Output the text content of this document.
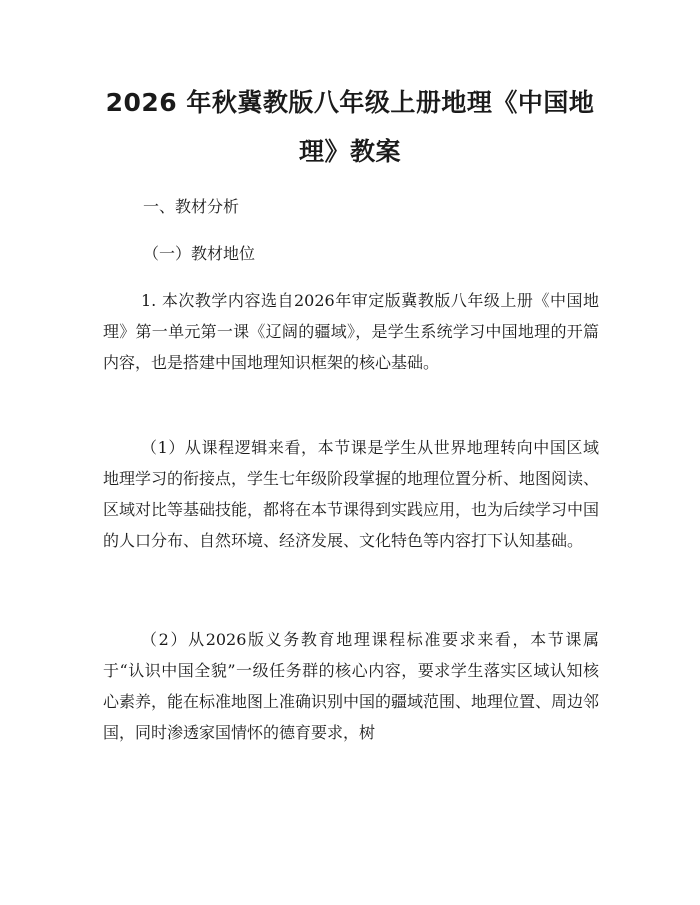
2026 年秋冀教版八年级上册地理《中国地
理》教案
一、教材分析
（一）教材地位

1. 本次教学内容选自2026年审定版冀教版八年级上册《中国地理》第一单元第一课《辽阔的疆域》，是学生系统学习中国地理的开篇内容，也是搭建中国地理知识框架的核心基础。

（1）从课程逻辑来看，本节课是学生从世界地理转向中国区域地理学习的衔接点，学生七年级阶段掌握的地理位置分析、地图阅读、区域对比等基础技能，都将在本节课得到实践应用，也为后续学习中国的人口分布、自然环境、经济发展、文化特色等内容打下认知基础。

（2）从2026版义务教育地理课程标准要求来看，本节课属于“认识中国全貌”一级任务群的核心内容，要求学生落实区域认知核心素养，能在标准地图上准确识别中国的疆域范围、地理位置、周边邻国，同时渗透家国情怀的德育要求，树
